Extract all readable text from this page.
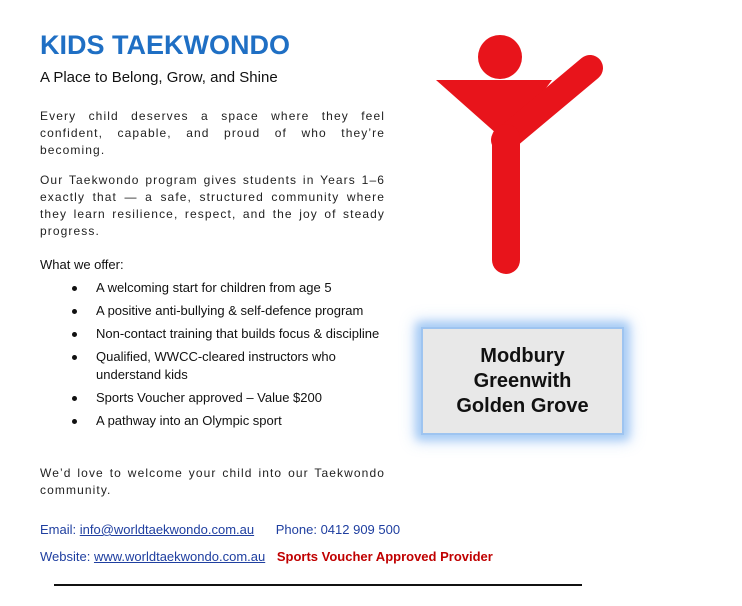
KIDS TAEKWONDO

A Place to Belong, Grow, and Shine

Every child deserves a space where they feel confident, capable, and proud of who they’re becoming.

Our Taekwondo program gives students in Years 1–6 exactly that — a safe, structured community where they learn resilience, respect, and the joy of steady progress.

What we offer:

A welcoming start for children from age 5
A positive anti-bullying & self-defence program
Non-contact training that builds focus & discipline
Qualified, WWCC-cleared instructors who understand kids
Sports Voucher approved – Value $200
A pathway into an Olympic sport

We’d love to welcome your child into our Taekwondo community.

Modbury
Greenwith
Golden Grove

Email: info@worldtaekwondo.com.au Phone: 0412 909 500

Website: www.worldtaekwondo.com.au Sports Voucher Approved Provider
